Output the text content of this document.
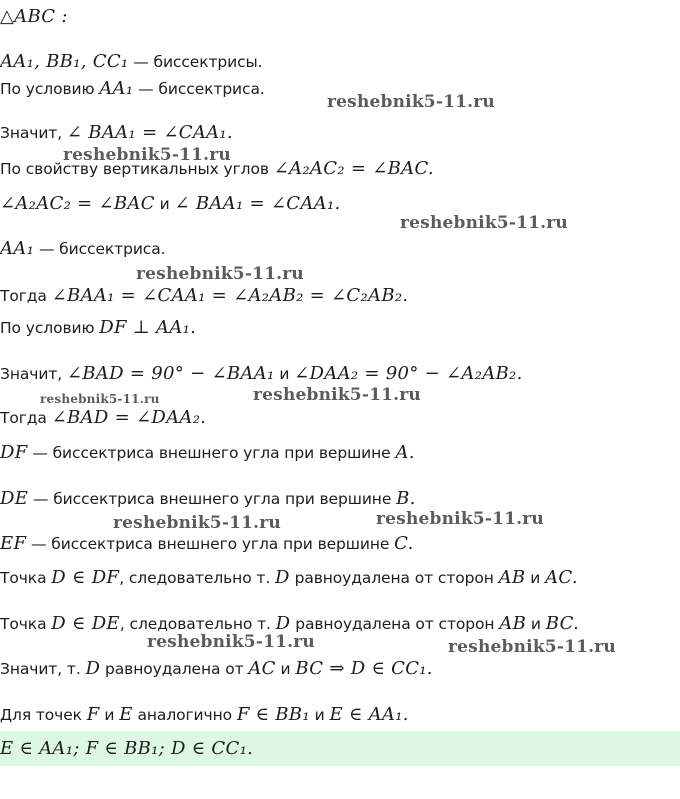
△ABC :
AA₁, BB₁, CC₁ — биссектрисы.
По условию AA₁ — биссектриса.
Значит, ∠ BAA₁ = ∠CAA₁.
По свойству вертикальных углов ∠A₂AC₂ = ∠BAC.
∠A₂AC₂ = ∠BAC и ∠ BAA₁ = ∠CAA₁.
AA₁ — биссектриса.
Тогда ∠BAA₁ = ∠CAA₁ = ∠A₂AB₂ = ∠C₂AB₂.
По условию DF ⊥ AA₁.
Значит, ∠BAD = 90° − ∠BAA₁ и ∠DAA₂ = 90° − ∠A₂AB₂.
Тогда ∠BAD = ∠DAA₂.
DF — биссектриса внешнего угла при вершине A.
DE — биссектриса внешнего угла при вершине B.
EF — биссектриса внешнего угла при вершине C.
Точка D ∈ DF, следовательно т. D равноудалена от сторон AB и AC.
Точка D ∈ DE, следовательно т. D равноудалена от сторон AB и BC.
Значит, т. D равноудалена от AC и BC ⇒ D ∈ CC₁.
Для точек F и E аналогично F ∈ BB₁ и E ∈ AA₁.
E ∈ AA₁; F ∈ BB₁; D ∈ CC₁.
reshebnik5-11.ru
reshebnik5-11.ru
reshebnik5-11.ru
reshebnik5-11.ru
reshebnik5-11.ru	reshebnik5-11.ru
reshebnik5-11.ru	reshebnik5-11.ru
reshebnik5-11.ru	reshebnik5-11.ru
